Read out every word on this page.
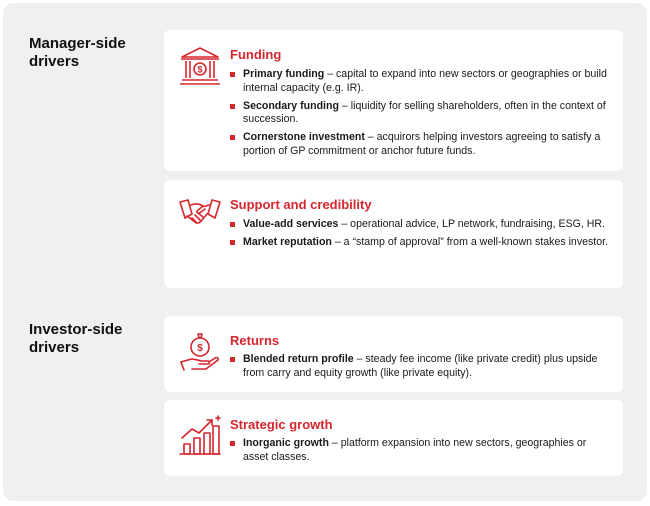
Manager-side
drivers
Investor-side
drivers
$
Funding
Primary funding – capital to expand into new sectors or geographies or build internal capacity (e.g. IR).
Secondary funding – liquidity for selling shareholders, often in the context of succession.
Cornerstone investment – acquirors helping investors agreeing to satisfy a portion of GP commitment or anchor future funds.
Support and credibility
Value-add services – operational advice, LP network, fundraising, ESG, HR.
Market reputation – a “stamp of approval” from a well-known stakes investor.
$
Returns
Blended return profile – steady fee income (like private credit) plus upside from carry and equity growth (like private equity).
Strategic growth
Inorganic growth – platform expansion into new sectors, geographies or asset classes.
